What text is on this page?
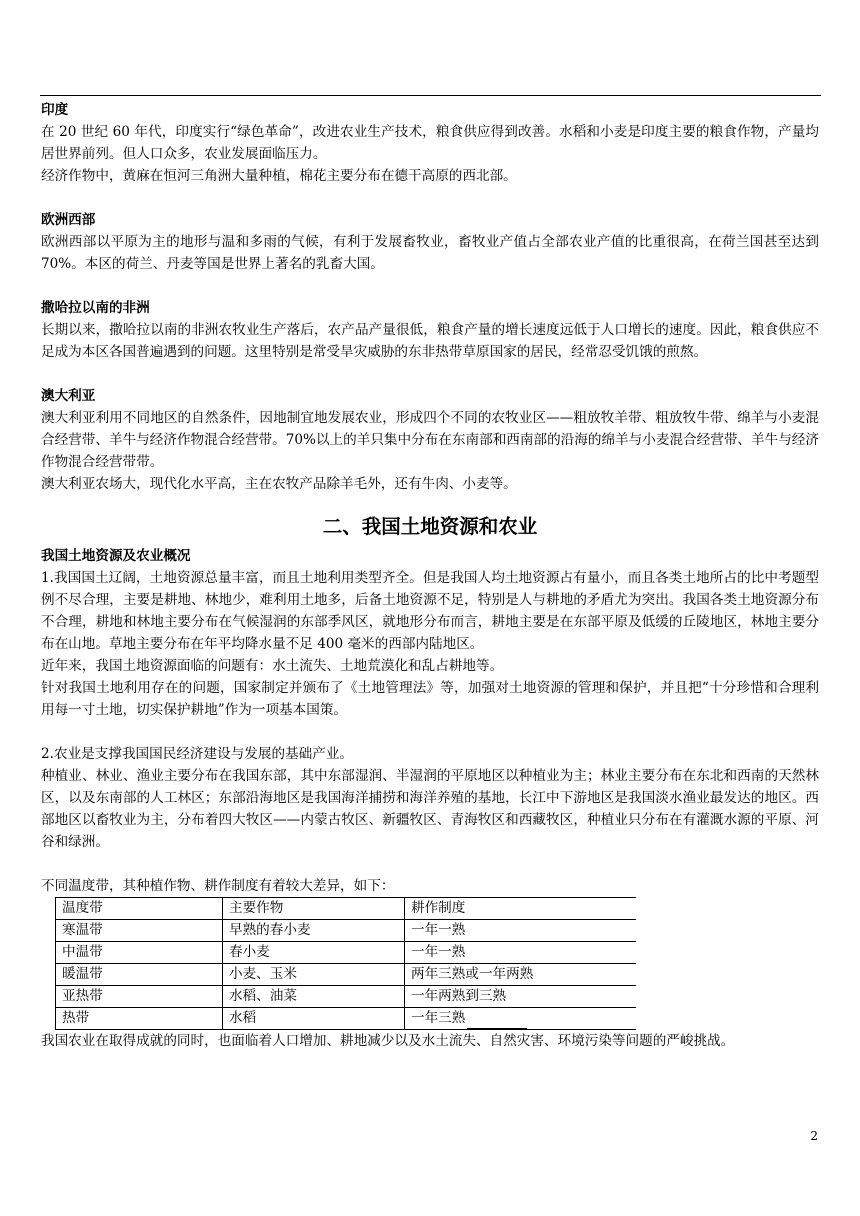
印度

在 20 世纪 60 年代，印度实行“绿色革命”，改进农业生产技术，粮食供应得到改善。水稻和小麦是印度主要的粮食作物，产量均居世界前列。但人口众多，农业发展面临压力。

经济作物中，黄麻在恒河三角洲大量种植，棉花主要分布在德干高原的西北部。

欧洲西部

欧洲西部以平原为主的地形与温和多雨的气候，有利于发展畜牧业，畜牧业产值占全部农业产值的比重很高，在荷兰国甚至达到 70%。本区的荷兰、丹麦等国是世界上著名的乳畜大国。

撒哈拉以南的非洲

长期以来，撒哈拉以南的非洲农牧业生产落后，农产品产量很低，粮食产量的增长速度远低于人口增长的速度。因此，粮食供应不足成为本区各国普遍遇到的问题。这里特别是常受旱灾威胁的东非热带草原国家的居民，经常忍受饥饿的煎熬。

澳大利亚

澳大利亚利用不同地区的自然条件，因地制宜地发展农业，形成四个不同的农牧业区——粗放牧羊带、粗放牧牛带、绵羊与小麦混合经营带、羊牛与经济作物混合经营带。70%以上的羊只集中分布在东南部和西南部的沿海的绵羊与小麦混合经营带、羊牛与经济作物混合经营带带。

澳大利亚农场大，现代化水平高，主在农牧产品除羊毛外，还有牛肉、小麦等。

二、我国土地资源和农业

我国土地资源及农业概况

1.我国国土辽阔，土地资源总量丰富，而且土地利用类型齐全。但是我国人均土地资源占有量小，而且各类土地所占的比中考题型 例不尽合理，主要是耕地、林地少，难利用土地多，后备土地资源不足，特别是人与耕地的矛盾尤为突出。我国各类土地资源分布不合理，耕地和林地主要分布在气候湿润的东部季风区，就地形分布而言，耕地主要是在东部平原及低缓的丘陵地区，林地主要分布在山地。草地主要分布在年平均降水量不足 400 毫米的西部内陆地区。

近年来，我国土地资源面临的问题有：水土流失、土地荒漠化和乱占耕地等。

针对我国土地利用存在的问题，国家制定并颁布了《土地管理法》等，加强对土地资源的管理和保护，并且把“十分珍惜和合理利用每一寸土地，切实保护耕地”作为一项基本国策。

2.农业是支撑我国国民经济建设与发展的基础产业。

种植业、林业、渔业主要分布在我国东部，其中东部湿润、半湿润的平原地区以种植业为主；林业主要分布在东北和西南的天然林区，以及东南部的人工林区；东部沿海地区是我国海洋捕捞和海洋养殖的基地，长江中下游地区是我国淡水渔业最发达的地区。西部地区以畜牧业为主，分布着四大牧区——内蒙古牧区、新疆牧区、青海牧区和西藏牧区，种植业只分布在有灌溉水源的平原、河谷和绿洲。

不同温度带，其种植作物、耕作制度有着较大差异，如下：

温度带	主要作物	耕作制度
寒温带	早熟的春小麦	一年一熟
中温带	春小麦	一年一熟
暖温带	小麦、玉米	两年三熟或一年两熟
亚热带	水稻、油菜	一年两熟到三熟
热带	水稻	一年三熟

我国农业在取得成就的同时，也面临着人口增加、耕地减少以及水土流失、自然灾害、环境污染等问题的严峻挑战。

2
